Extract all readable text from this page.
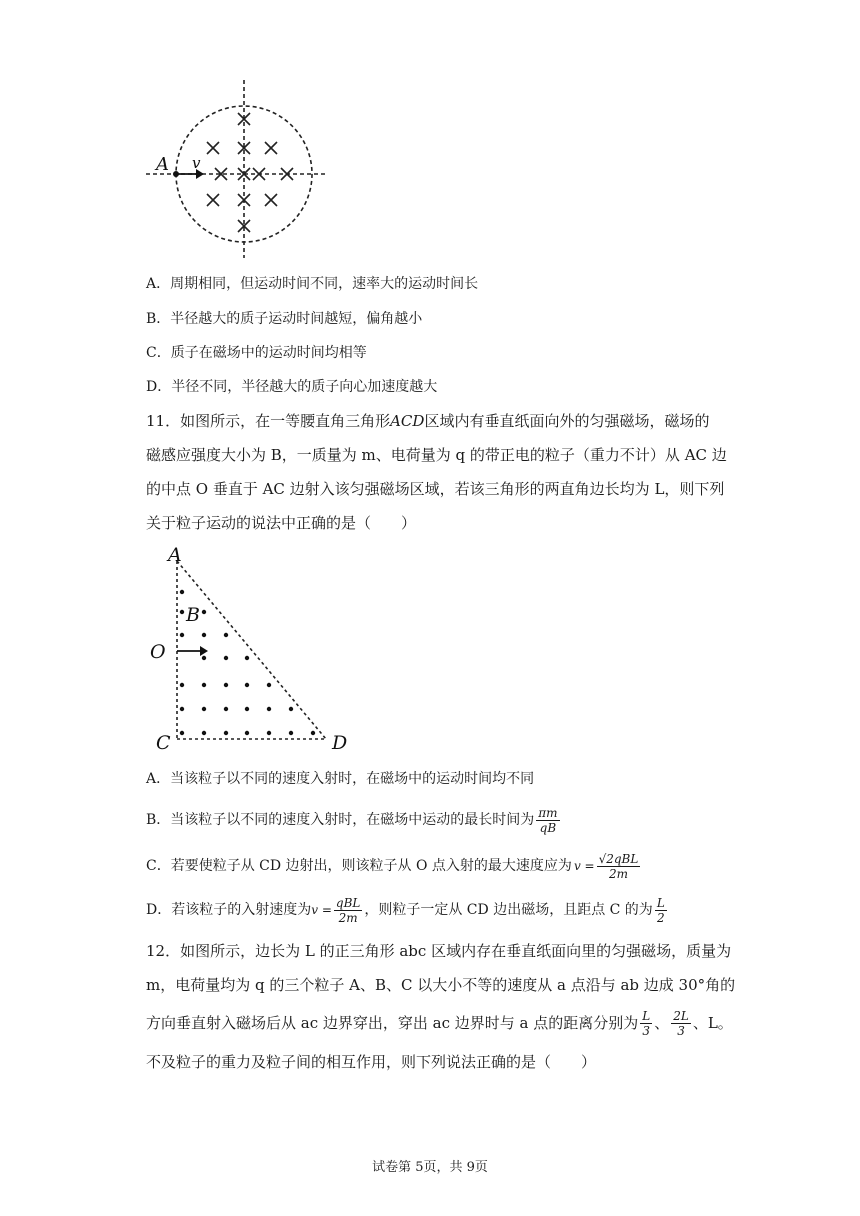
A v
A．周期相同，但运动时间不同，速率大的运动时间长
B．半径越大的质子运动时间越短，偏角越小
C．质子在磁场中的运动时间均相等
D．半径不同，半径越大的质子向心加速度越大
11．如图所示，在一等腰直角三角形ACD区域内有垂直纸面向外的匀强磁场，磁场的
磁感应强度大小为 B，一质量为 m、电荷量为 q 的带正电的粒子（重力不计）从 AC 边
的中点 O 垂直于 AC 边射入该匀强磁场区域，若该三角形的两直角边长均为 L，则下列
关于粒子运动的说法中正确的是（　　）
A
B
O
C	D
A．当该粒子以不同的速度入射时，在磁场中的运动时间均不同
B．当该粒子以不同的速度入射时，在磁场中运动的最长时间为 $\frac{\pi m}{qB}$
C．若要使粒子从 CD 边射出，则该粒子从 O 点入射的最大速度应为 $v = \frac{\text{√2qBL}}{2m}$
D．若该粒子的入射速度为 $v = \frac{\text{qBL}}{2m}$ ，则粒子一定从 CD 边出磁场，且距点 C 的为 $\frac{L}{2}$
12．如图所示，边长为 L 的正三角形 abc 区域内存在垂直纸面向里的匀强磁场，质量为
m，电荷量均为 q 的三个粒子 A、B、C 以大小不等的速度从 a 点沿与 ab 边成 30°角的
方向垂直射入磁场后从 ac 边界穿出，穿出 ac 边界时与 a 点的距离分别为 $\frac{L}{3}$ 、 $\frac{2L}{3}$ 、L。
不及粒子的重力及粒子间的相互作用，则下列说法正确的是（　　）
试卷第 5页，共 9页
